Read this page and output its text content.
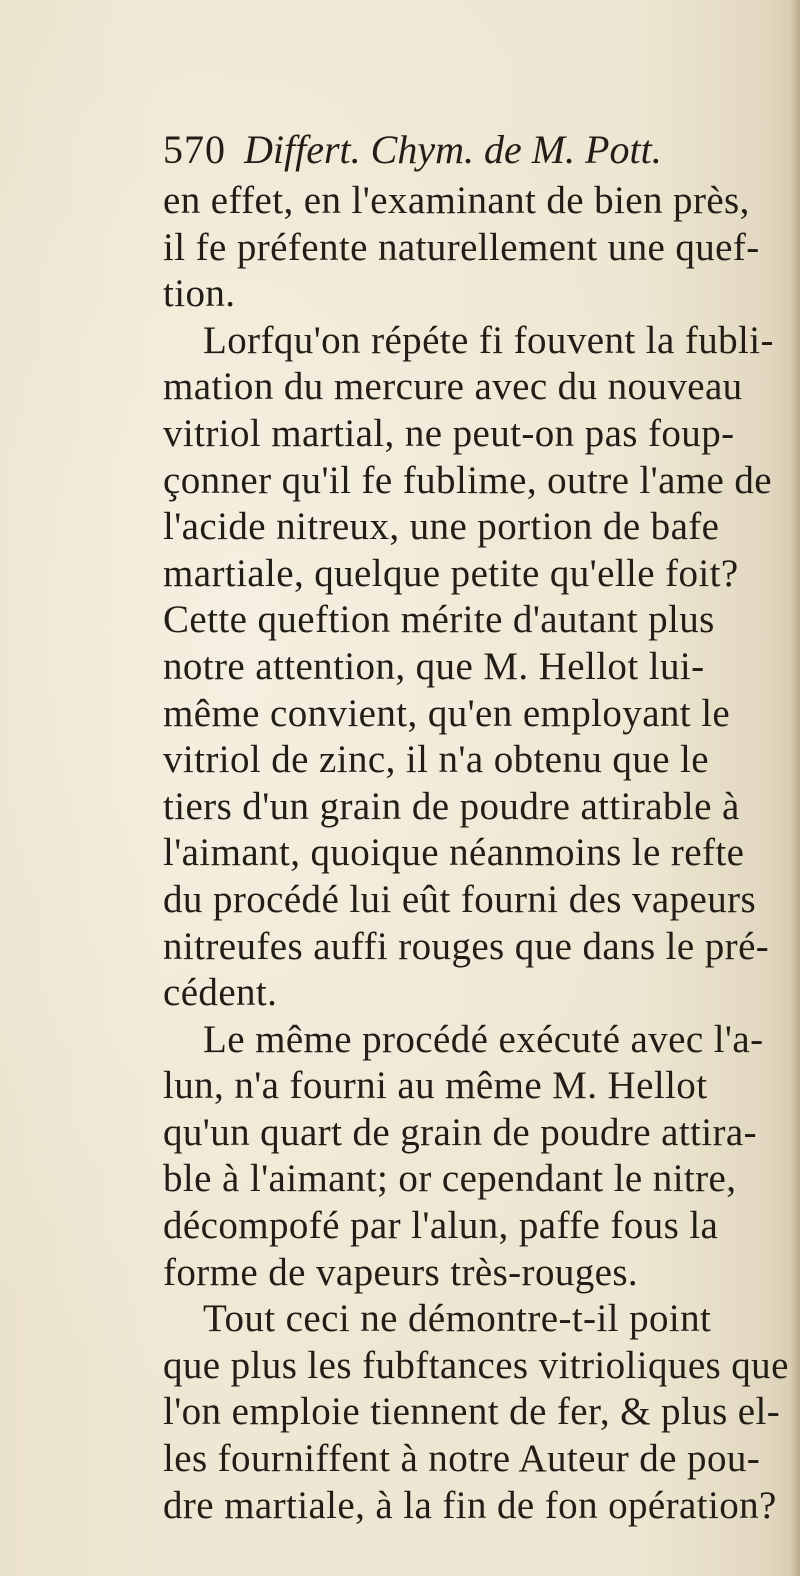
570 Differt. Chym. de M. Pott.
en effet, en l'examinant de bien près,
il fe préfente naturellement une quef-
tion.
Lorfqu'on répéte fi fouvent la fubli-
mation du mercure avec du nouveau
vitriol martial, ne peut-on pas foup-
çonner qu'il fe fublime, outre l'ame de
l'acide nitreux, une portion de bafe
martiale, quelque petite qu'elle foit?
Cette queftion mérite d'autant plus
notre attention, que M. Hellot lui-
même convient, qu'en employant le
vitriol de zinc, il n'a obtenu que le
tiers d'un grain de poudre attirable à
l'aimant, quoique néanmoins le refte
du procédé lui eût fourni des vapeurs
nitreufes auffi rouges que dans le pré-
cédent.
Le même procédé exécuté avec l'a-
lun, n'a fourni au même M. Hellot
qu'un quart de grain de poudre attira-
ble à l'aimant; or cependant le nitre,
décompofé par l'alun, paffe fous la
forme de vapeurs très-rouges.
Tout ceci ne démontre-t-il point
que plus les fubftances vitrioliques que
l'on emploie tiennent de fer, & plus el-
les fourniffent à notre Auteur de pou-
dre martiale, à la fin de fon opération?
